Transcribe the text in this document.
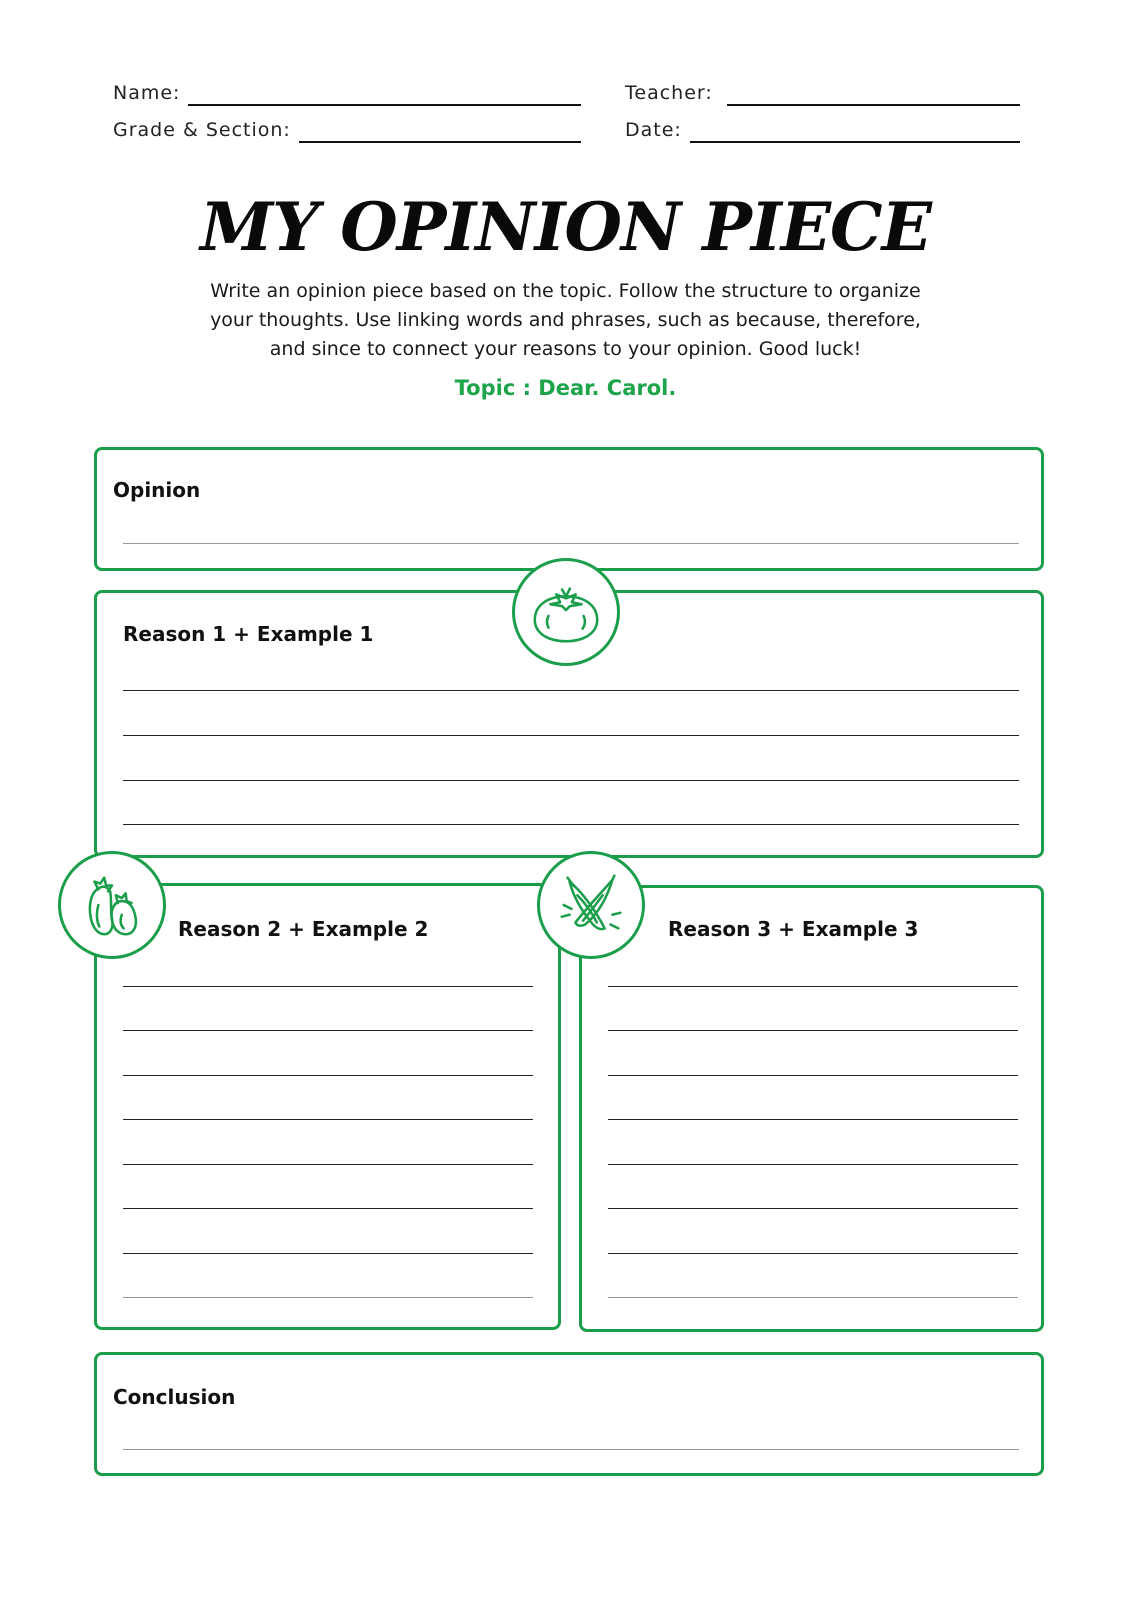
Name:	Teacher:
Grade & Section:	Date:
MY OPINION PIECE
Write an opinion piece based on the topic. Follow the structure to organize your thoughts. Use linking words and phrases, such as because, therefore, and since to connect your reasons to your opinion. Good luck!
Topic : Dear. Carol.
Opinion
Reason 1 + Example 1
Reason 2 + Example 2	Reason 3 + Example 3
Conclusion
